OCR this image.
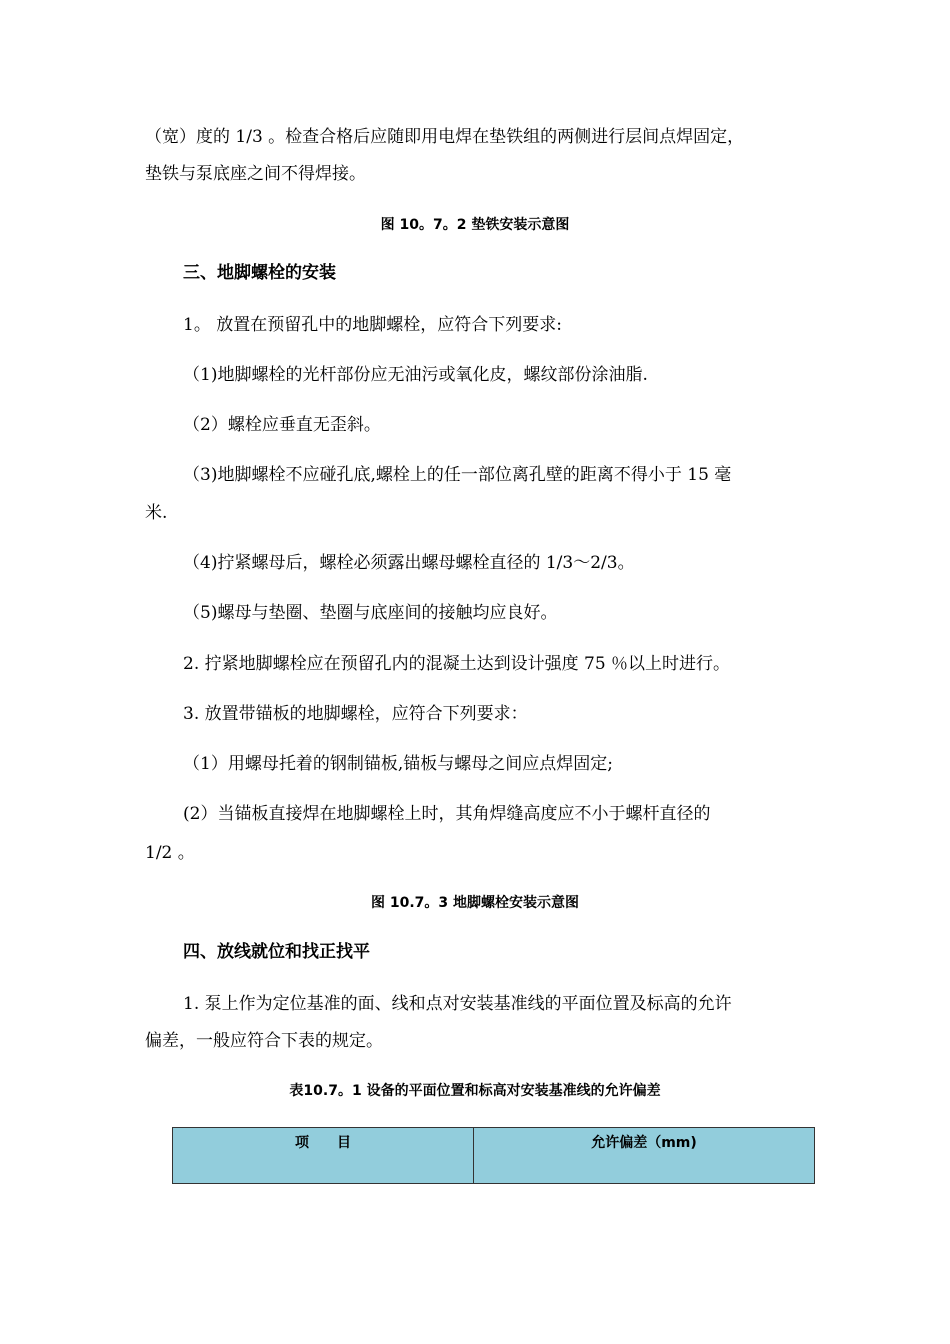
（宽）度的 1/3 。检查合格后应随即用电焊在垫铁组的两侧进行层间点焊固定，
垫铁与泵底座之间不得焊接。
图 10。7。2 垫铁安装示意图
三、地脚螺栓的安装
1。 放置在预留孔中的地脚螺栓，应符合下列要求:
（1)地脚螺栓的光杆部份应无油污或氧化皮，螺纹部份涂油脂.
（2）螺栓应垂直无歪斜。
（3)地脚螺栓不应碰孔底,螺栓上的任一部位离孔壁的距离不得小于 15 毫
米.
（4)拧紧螺母后，螺栓必须露出螺母螺栓直径的 1/3～2/3。
（5)螺母与垫圈、垫圈与底座间的接触均应良好。
2. 拧紧地脚螺栓应在预留孔内的混凝土达到设计强度 75 ％以上时进行。
3. 放置带锚板的地脚螺栓，应符合下列要求：
（1）用螺母托着的钢制锚板,锚板与螺母之间应点焊固定;
(2）当锚板直接焊在地脚螺栓上时，其角焊缝高度应不小于螺杆直径的
1/2 。
图 10.7。3 地脚螺栓安装示意图
四、放线就位和找正找平
1. 泵上作为定位基准的面、线和点对安装基准线的平面位置及标高的允许
偏差，一般应符合下表的规定。
表10.7。1 设备的平面位置和标高对安装基准线的允许偏差
项　　目	允许偏差（mm)
